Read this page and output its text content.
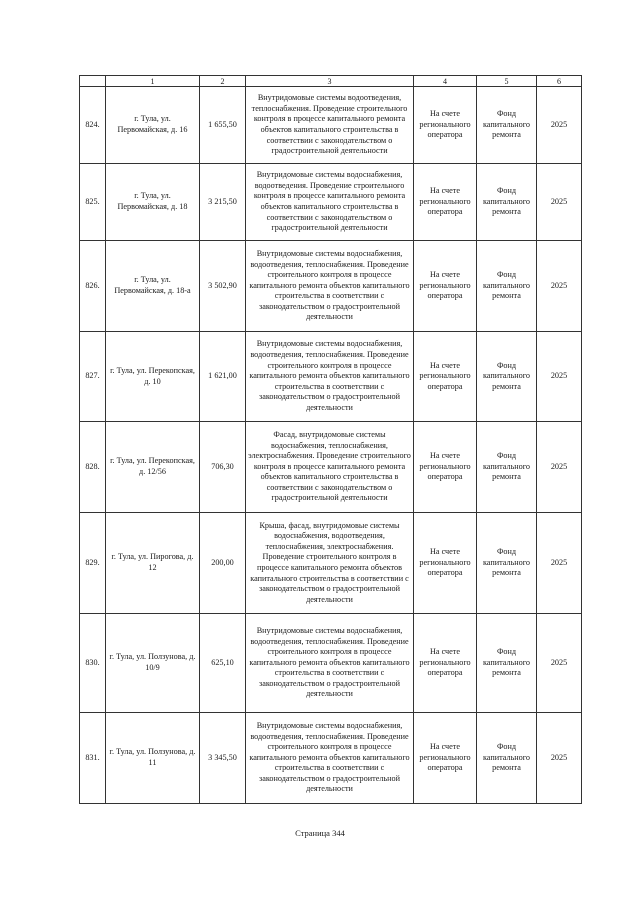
	1	2	3	4	5	6
824.	г. Тула, ул. Первомайская, д. 16	1 655,50	Внутридомовые системы водоотведения, теплоснабжения. Проведение строительного контроля в процессе капитального ремонта объектов капитального строительства в соответствии с законодательством о градостроительной деятельности	На счете регионального оператора	Фонд капитального ремонта	2025
825.	г. Тула, ул. Первомайская, д. 18	3 215,50	Внутридомовые системы водоснабжения, водоотведения. Проведение строительного контроля в процессе капитального ремонта объектов капитального строительства в соответствии с законодательством о градостроительной деятельности	На счете регионального оператора	Фонд капитального ремонта	2025
826.	г. Тула, ул. Первомайская, д. 18-а	3 502,90	Внутридомовые системы водоснабжения, водоотведения, теплоснабжения. Проведение строительного контроля в процессе капитального ремонта объектов капитального строительства в соответствии с законодательством о градостроительной деятельности	На счете регионального оператора	Фонд капитального ремонта	2025
827.	г. Тула, ул. Перекопская, д. 10	1 621,00	Внутридомовые системы водоснабжения, водоотведения, теплоснабжения. Проведение строительного контроля в процессе капитального ремонта объектов капитального строительства в соответствии с законодательством о градостроительной деятельности	На счете регионального оператора	Фонд капитального ремонта	2025
828.	г. Тула, ул. Перекопская, д. 12/56	706,30	Фасад, внутридомовые системы водоснабжения, теплоснабжения, электроснабжения. Проведение строительного контроля в процессе капитального ремонта объектов капитального строительства в соответствии с законодательством о градостроительной деятельности	На счете регионального оператора	Фонд капитального ремонта	2025
829.	г. Тула, ул. Пирогова, д. 12	200,00	Крыша, фасад, внутридомовые системы водоснабжения, водоотведения, теплоснабжения, электроснабжения. Проведение строительного контроля в процессе капитального ремонта объектов капитального строительства в соответствии с законодательством о градостроительной деятельности	На счете регионального оператора	Фонд капитального ремонта	2025
830.	г. Тула, ул. Ползунова, д. 10/9	625,10	Внутридомовые системы водоснабжения, водоотведения, теплоснабжения. Проведение строительного контроля в процессе капитального ремонта объектов капитального строительства в соответствии с законодательством о градостроительной деятельности	На счете регионального оператора	Фонд капитального ремонта	2025
831.	г. Тула, ул. Ползунова, д. 11	3 345,50	Внутридомовые системы водоснабжения, водоотведения, теплоснабжения. Проведение строительного контроля в процессе капитального ремонта объектов капитального строительства в соответствии с законодательством о градостроительной деятельности	На счете регионального оператора	Фонд капитального ремонта	2025
Страница 344
